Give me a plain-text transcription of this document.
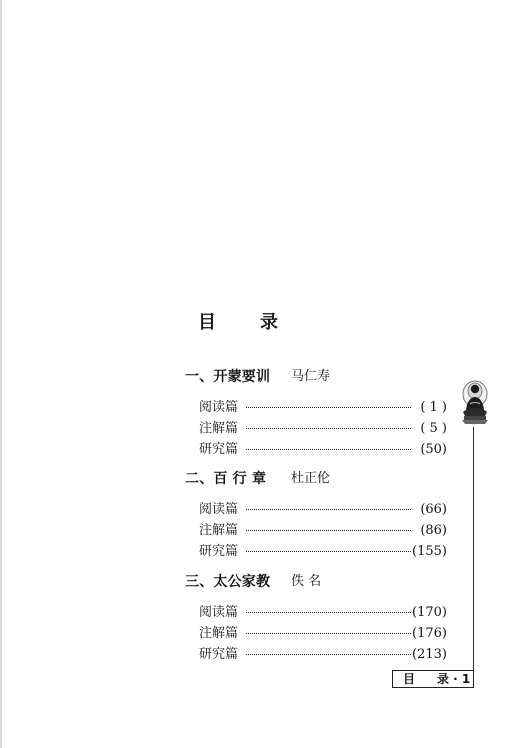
目 录
一、开蒙要训 马仁寿
阅读篇	( 1 )
注解篇	( 5 )
研究篇	(50)
二、百 行 章 杜正伦
阅读篇	(66)
注解篇	(86)
研究篇	(155)
三、太公家教 佚 名
阅读篇	(170)
注解篇	(176)
研究篇	(213)
目 录 · 1
